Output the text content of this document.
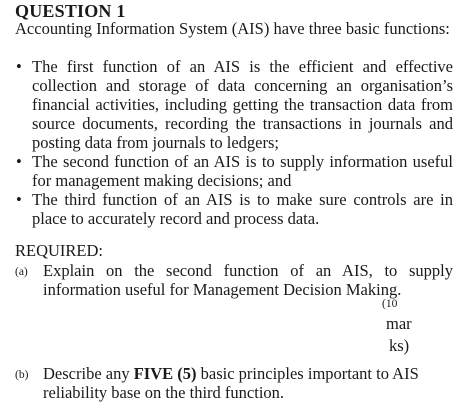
QUESTION 1
Accounting Information System (AIS) have three basic functions:
• The first function of an AIS is the efficient and effective collection and storage of data concerning an organisation’s financial activities, including getting the transaction data from source documents, recording the transactions in journals and posting data from journals to ledgers;
• The second function of an AIS is to supply information useful for management making decisions; and
• The third function of an AIS is to make sure controls are in place to accurately record and process data.
REQUIRED:
(a) Explain on the second function of an AIS, to supply information useful for Management Decision Making.
(10
mar
ks)
(b) Describe any FIVE (5) basic principles important to AIS reliability base on the third function.
